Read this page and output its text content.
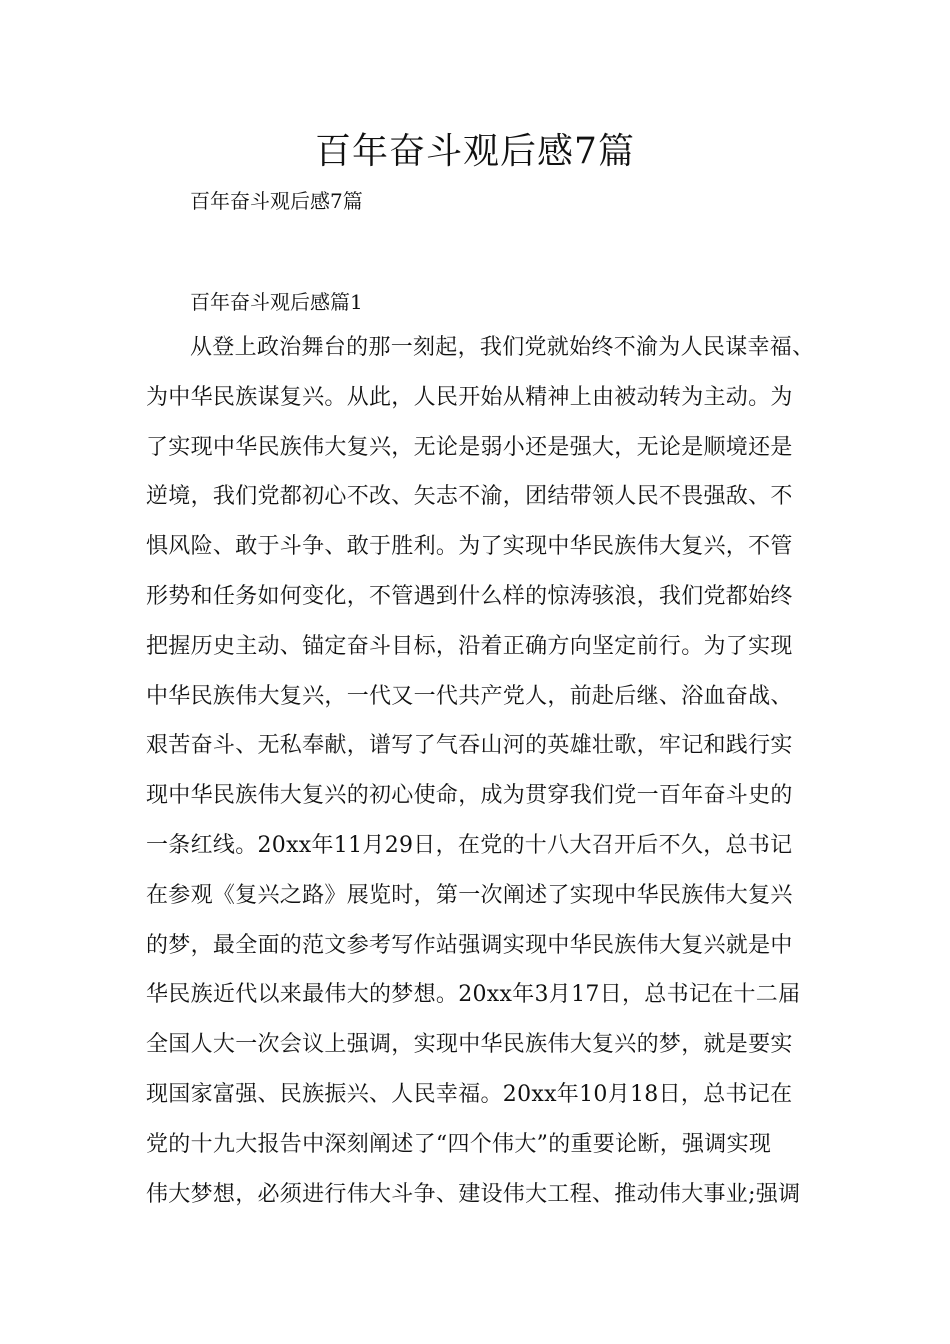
百年奋斗观后感7篇

百年奋斗观后感7篇

百年奋斗观后感篇1

从登上政治舞台的那一刻起，我们党就始终不渝为人民谋幸福、
为中华民族谋复兴。从此，人民开始从精神上由被动转为主动。为
了实现中华民族伟大复兴，无论是弱小还是强大，无论是顺境还是
逆境，我们党都初心不改、矢志不渝，团结带领人民不畏强敌、不
惧风险、敢于斗争、敢于胜利。为了实现中华民族伟大复兴，不管
形势和任务如何变化，不管遇到什么样的惊涛骇浪，我们党都始终
把握历史主动、锚定奋斗目标，沿着正确方向坚定前行。为了实现
中华民族伟大复兴，一代又一代共产党人，前赴后继、浴血奋战、
艰苦奋斗、无私奉献，谱写了气吞山河的英雄壮歌，牢记和践行实
现中华民族伟大复兴的初心使命，成为贯穿我们党一百年奋斗史的
一条红线。20xx年11月29日，在党的十八大召开后不久，总书记
在参观《复兴之路》展览时，第一次阐述了实现中华民族伟大复兴
的梦，最全面的范文参考写作站强调实现中华民族伟大复兴就是中
华民族近代以来最伟大的梦想。20xx年3月17日，总书记在十二届
全国人大一次会议上强调，实现中华民族伟大复兴的梦，就是要实
现国家富强、民族振兴、人民幸福。20xx年10月18日，总书记在
党的十九大报告中深刻阐述了“四个伟大”的重要论断，强调实现
伟大梦想，必须进行伟大斗争、建设伟大工程、推动伟大事业;强调
